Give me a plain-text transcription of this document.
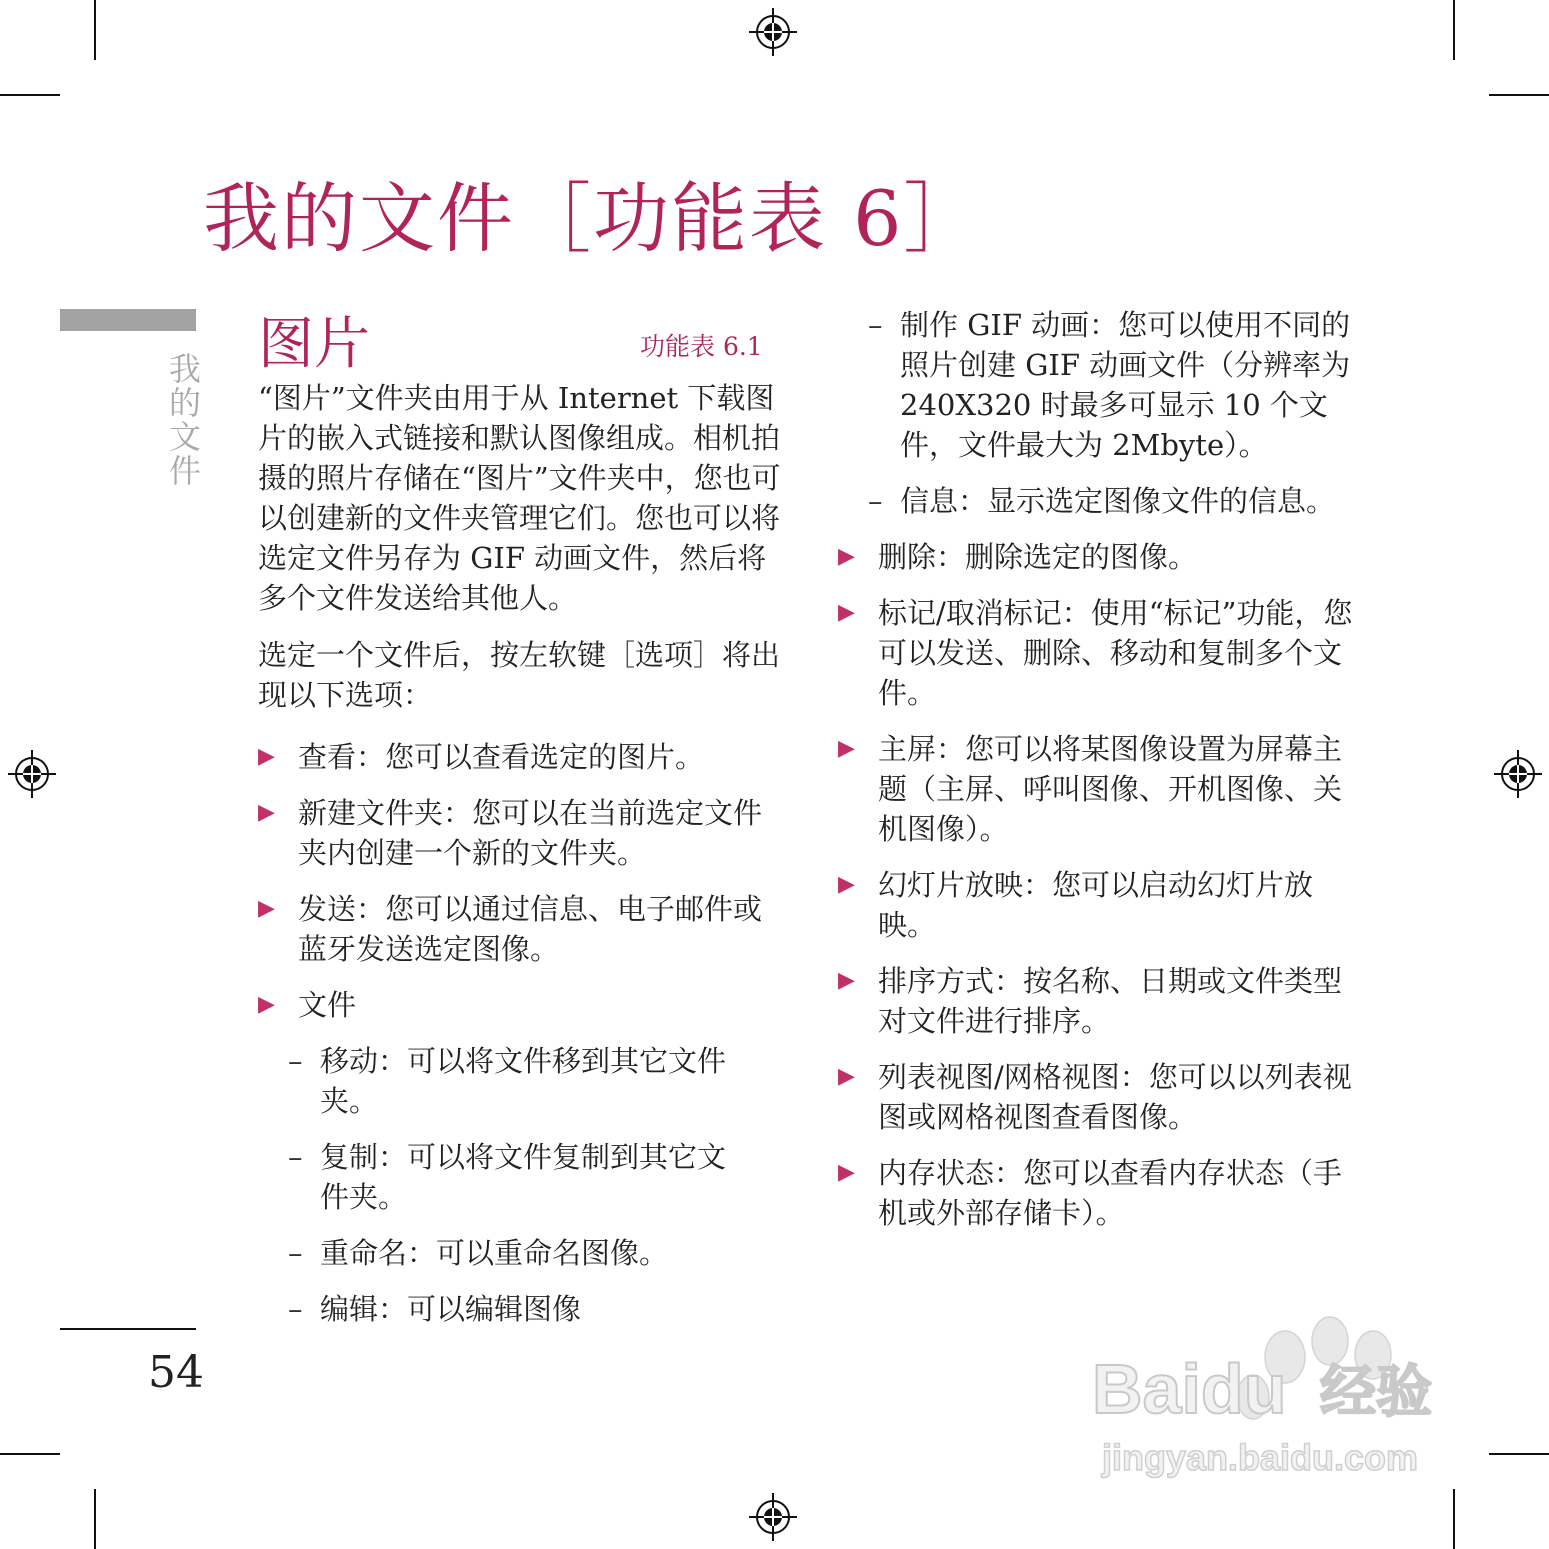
我的文件［功能表 6］
我的文件
图片	功能表 6.1

“图片”文件夹由用于从 Internet 下载图片的嵌入式链接和默认图像组成。相机拍摄的照片存储在“图片”文件夹中，您也可以创建新的文件夹管理它们。您也可以将选定文件另存为 GIF 动画文件，然后将多个文件发送给其他人。

选定一个文件后，按左软键［选项］将出现以下选项：

▶ 查看：您可以查看选定的图片。
▶ 新建文件夹：您可以在当前选定文件夹内创建一个新的文件夹。
▶ 发送：您可以通过信息、电子邮件或蓝牙发送选定图像。
▶ 文件
– 移动：可以将文件移到其它文件夹。
– 复制：可以将文件复制到其它文件夹。
– 重命名：可以重命名图像。
– 编辑：可以编辑图像
– 制作 GIF 动画：您可以使用不同的照片创建 GIF 动画文件（分辨率为 240X320 时最多可显示 10 个文件，文件最大为 2Mbyte）。
– 信息：显示选定图像文件的信息。
▶ 删除：删除选定的图像。
▶ 标记/取消标记：使用“标记”功能，您可以发送、删除、移动和复制多个文件。
▶ 主屏：您可以将某图像设置为屏幕主题（主屏、呼叫图像、开机图像、关机图像）。
▶ 幻灯片放映：您可以启动幻灯片放映。
▶ 排序方式：按名称、日期或文件类型对文件进行排序。
▶ 列表视图/网格视图：您可以以列表视图或网格视图查看图像。
▶ 内存状态：您可以查看内存状态（手机或外部存储卡）。
54	Baidu 经验
jingyan.baidu.com
